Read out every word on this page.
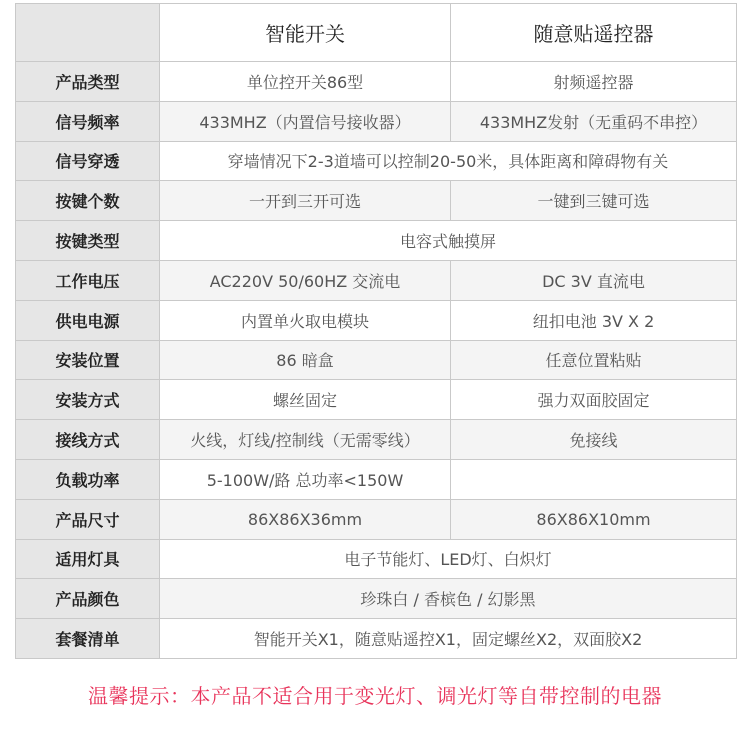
	智能开关	随意贴遥控器
产品类型	单位控开关86型	射频遥控器
信号频率	433MHZ（内置信号接收器）	433MHZ发射（无重码不串控）
信号穿透	穿墙情况下2-3道墙可以控制20-50米，具体距离和障碍物有关	
按键个数	一开到三开可选	一键到三键可选
按键类型	电容式触摸屏	
工作电压	AC220V 50/60HZ 交流电	DC 3V 直流电
供电电源	内置单火取电模块	纽扣电池 3V X 2
安装位置	86 暗盒	任意位置粘贴
安装方式	螺丝固定	强力双面胶固定
接线方式	火线，灯线/控制线（无需零线）	免接线
负载功率	5-100W/路 总功率<150W	
产品尺寸	86X86X36mm	86X86X10mm
适用灯具	电子节能灯、LED灯、白炽灯	
产品颜色	珍珠白 / 香槟色 / 幻影黑	
套餐清单	智能开关X1，随意贴遥控X1，固定螺丝X2，双面胶X2	
温馨提示：本产品不适合用于变光灯、调光灯等自带控制的电器
